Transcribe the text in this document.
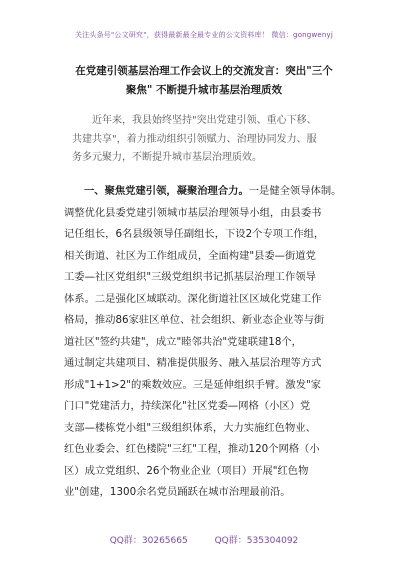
关注头条号"公文研究"，获得最新最全最专业的公文资料库！ 微信：gongwenyj
在党建引领基层治理工作会议上的交流发言：突出"三个
聚焦" 不断提升城市基层治理质效
近年来，我县始终坚持"突出党建引领、重心下移、
共建共享"，着力推动组织引领赋力、治理协同发力、服
务多元聚力，不断提升城市基层治理质效。
一、聚焦党建引领，凝聚治理合力。一是健全领导体制。
调整优化县委党建引领城市基层治理领导小组，由县委书
记任组长，6名县级领导任副组长，下设2个专项工作组，
相关街道、社区为工作组成员，全面构建"县委—街道党
工委—社区党组织"三级党组织书记抓基层治理工作领导
体系。二是强化区域联动。深化街道社区区域化党建工作
格局，推动86家驻区单位、社会组织、新业态企业等与街
道社区"签约共建"，成立"睦邻共治"党建联建18个，
通过制定共建项目、精准提供服务、融入基层治理等方式
形成"1+1>2"的乘数效应。三是延伸组织手臂。激发"家
门口"党建活力，持续深化"社区党委—网格（小区）党
支部—楼栋党小组"三级组织体系，大力实施红色物业、
红色业委会、红色楼院"三红"工程，推动120个网格（小
区）成立党组织、26个物业企业（项目）开展"红色物
业"创建，1300余名党员踊跃在城市治理最前沿。
QQ群：30265665	QQ群：535304092
